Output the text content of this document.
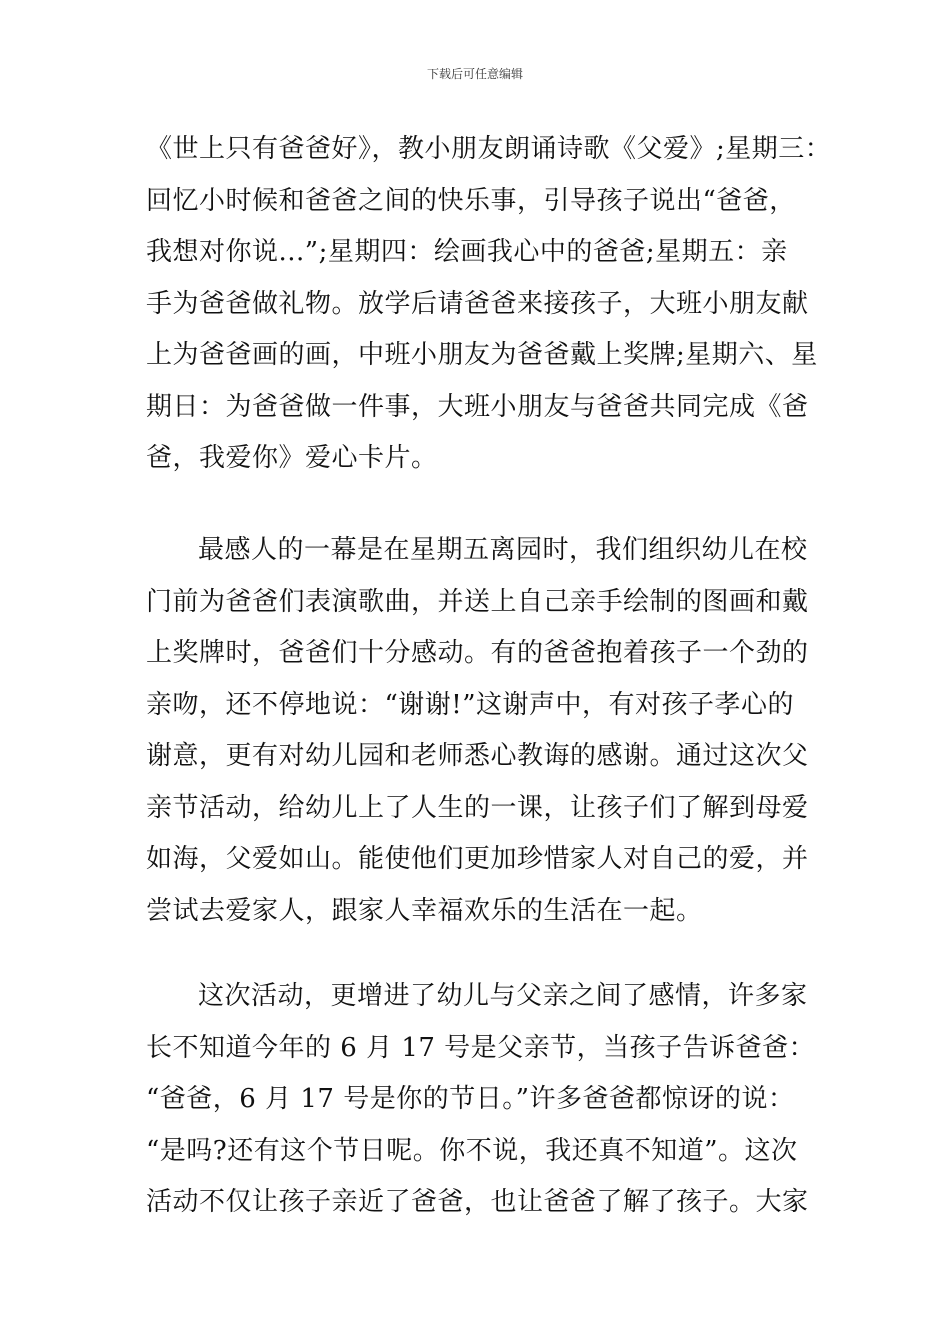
下载后可任意编辑
《世上只有爸爸好》，教小朋友朗诵诗歌《父爱》;星期三：
回忆小时候和爸爸之间的快乐事，引导孩子说出“爸爸，
我想对你说...”;星期四：绘画我心中的爸爸;星期五：亲
手为爸爸做礼物。放学后请爸爸来接孩子，大班小朋友献
上为爸爸画的画，中班小朋友为爸爸戴上奖牌;星期六、星
期日：为爸爸做一件事，大班小朋友与爸爸共同完成《爸
爸，我爱你》爱心卡片。
最感人的一幕是在星期五离园时，我们组织幼儿在校
门前为爸爸们表演歌曲，并送上自己亲手绘制的图画和戴
上奖牌时，爸爸们十分感动。有的爸爸抱着孩子一个劲的
亲吻，还不停地说：“谢谢!”这谢声中，有对孩子孝心的
谢意，更有对幼儿园和老师悉心教诲的感谢。通过这次父
亲节活动，给幼儿上了人生的一课，让孩子们了解到母爱
如海，父爱如山。能使他们更加珍惜家人对自己的爱，并
尝试去爱家人，跟家人幸福欢乐的生活在一起。
这次活动，更增进了幼儿与父亲之间了感情，许多家
长不知道今年的 6 月 17 号是父亲节，当孩子告诉爸爸：
“爸爸，6 月 17 号是你的节日。”许多爸爸都惊讶的说：
“是吗?还有这个节日呢。你不说，我还真不知道”。这次
活动不仅让孩子亲近了爸爸，也让爸爸了解了孩子。大家
